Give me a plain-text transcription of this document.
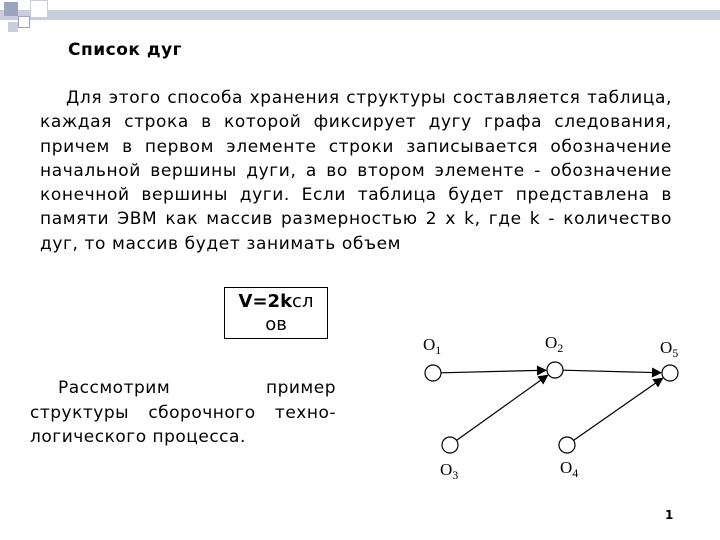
Список дуг

Для этого способа хранения структуры составляется таблица, каждая строка в которой фиксирует дугу графа следования, причем в первом элементе строки записывается обозначение начальной вершины дуги, а во втором элементе - обозначение конечной вершины дуги. Если таблица будет представлена в памяти ЭВМ как массив размерностью 2 x k, где k - количество дуг, то массив будет занимать объем

V=2kсл
ов

Рассмотрим пример структуры сборочного техно-
логического процесса.

$O_1$	$O_2$	$O_5$
$O_3$	$O_4$
1
